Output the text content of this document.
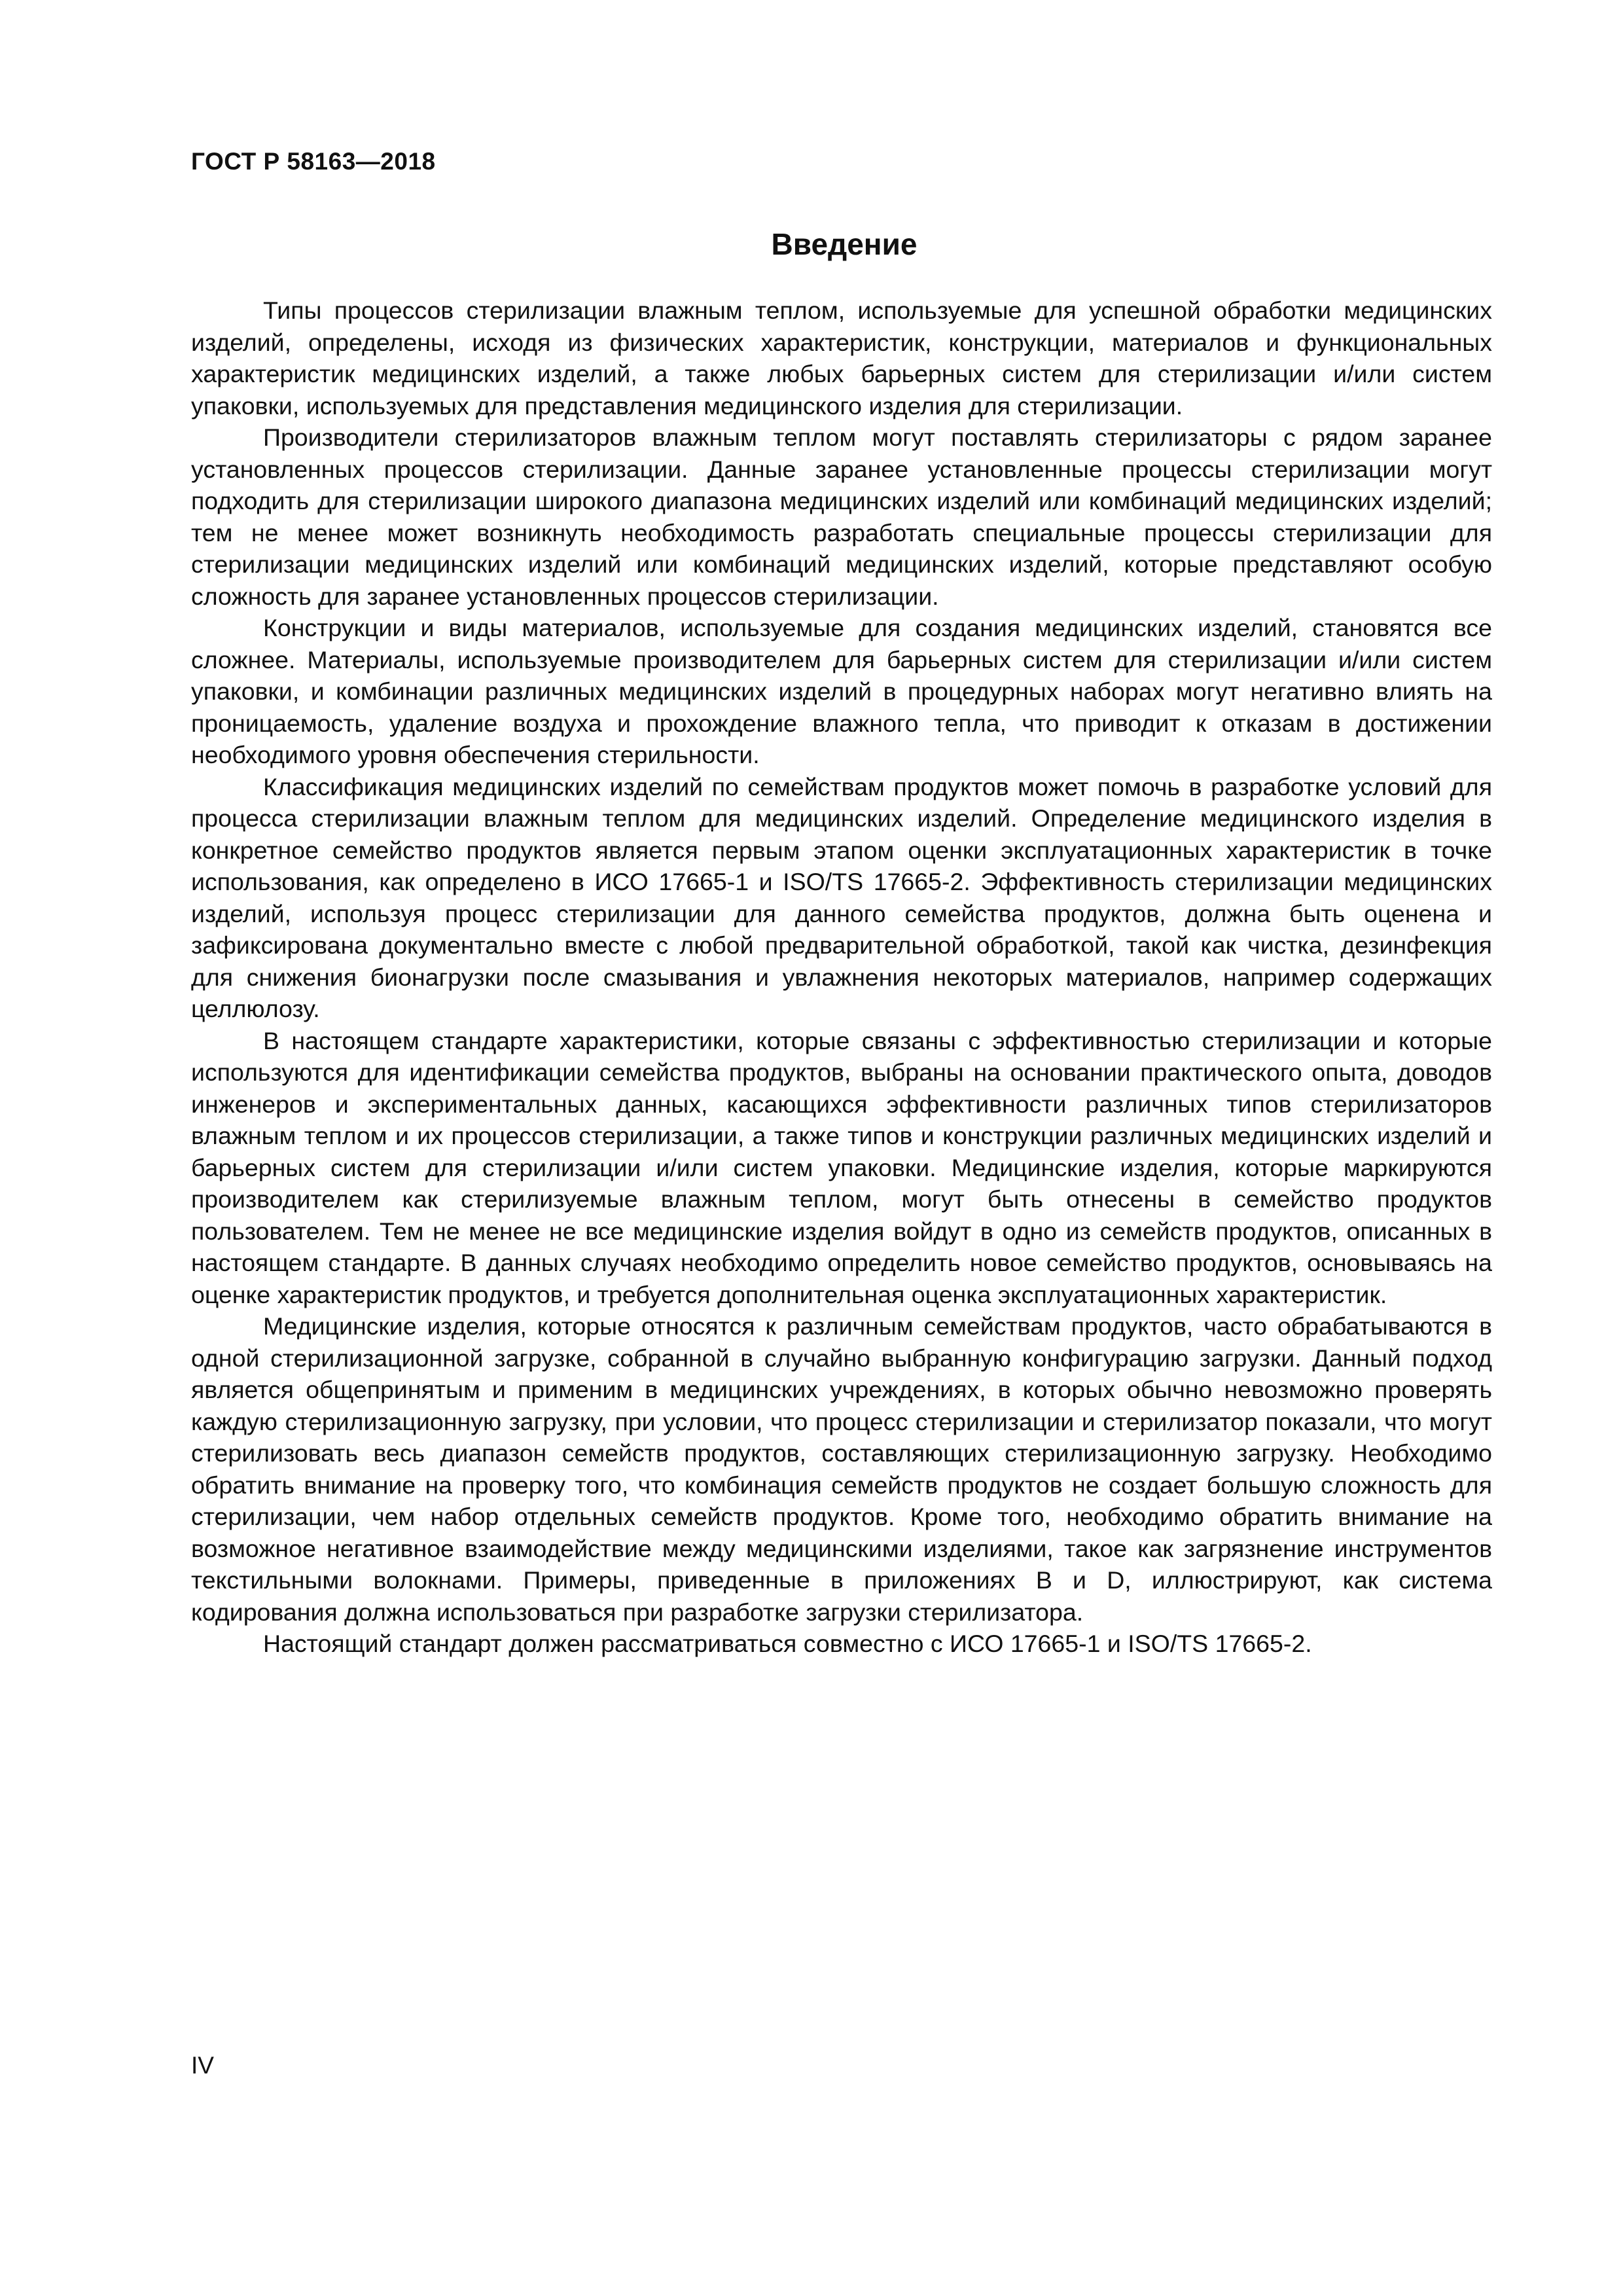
ГОСТ Р 58163—2018
Введение

Типы процессов стерилизации влажным теплом, используемые для успешной обработки медицинских изделий, определены, исходя из физических характеристик, конструкции, материалов и функциональных характеристик медицинских изделий, а также любых барьерных систем для стерилизации и/или систем упаковки, используемых для представления медицинского изделия для стерилизации.

Производители стерилизаторов влажным теплом могут поставлять стерилизаторы с рядом заранее установленных процессов стерилизации. Данные заранее установленные процессы стерилизации могут подходить для стерилизации широкого диапазона медицинских изделий или комбинаций медицинских изделий; тем не менее может возникнуть необходимость разработать специальные процессы стерилизации для стерилизации медицинских изделий или комбинаций медицинских изделий, которые представляют особую сложность для заранее установленных процессов стерилизации.

Конструкции и виды материалов, используемые для создания медицинских изделий, становятся все сложнее. Материалы, используемые производителем для барьерных систем для стерилизации и/или систем упаковки, и комбинации различных медицинских изделий в процедурных наборах могут негативно влиять на проницаемость, удаление воздуха и прохождение влажного тепла, что приводит к отказам в достижении необходимого уровня обеспечения стерильности.

Классификация медицинских изделий по семействам продуктов может помочь в разработке условий для процесса стерилизации влажным теплом для медицинских изделий. Определение медицинского изделия в конкретное семейство продуктов является первым этапом оценки эксплуатационных характеристик в точке использования, как определено в ИСО 17665-1 и ISO/TS 17665-2. Эффективность стерилизации медицинских изделий, используя процесс стерилизации для данного семейства продуктов, должна быть оценена и зафиксирована документально вместе с любой предварительной обработкой, такой как чистка, дезинфекция для снижения бионагрузки после смазывания и увлажнения некоторых материалов, например содержащих целлюлозу.

В настоящем стандарте характеристики, которые связаны с эффективностью стерилизации и которые используются для идентификации семейства продуктов, выбраны на основании практического опыта, доводов инженеров и экспериментальных данных, касающихся эффективности различных типов стерилизаторов влажным теплом и их процессов стерилизации, а также типов и конструкции различных медицинских изделий и барьерных систем для стерилизации и/или систем упаковки. Медицинские изделия, которые маркируются производителем как стерилизуемые влажным теплом, могут быть отнесены в семейство продуктов пользователем. Тем не менее не все медицинские изделия войдут в одно из семейств продуктов, описанных в настоящем стандарте. В данных случаях необходимо определить новое семейство продуктов, основываясь на оценке характеристик продуктов, и требуется дополнительная оценка эксплуатационных характеристик.

Медицинские изделия, которые относятся к различным семействам продуктов, часто обрабатываются в одной стерилизационной загрузке, собранной в случайно выбранную конфигурацию загрузки. Данный подход является общепринятым и применим в медицинских учреждениях, в которых обычно невозможно проверять каждую стерилизационную загрузку, при условии, что процесс стерилизации и стерилизатор показали, что могут стерилизовать весь диапазон семейств продуктов, составляющих стерилизационную загрузку. Необходимо обратить внимание на проверку того, что комбинация семейств продуктов не создает большую сложность для стерилизации, чем набор отдельных семейств продуктов. Кроме того, необходимо обратить внимание на возможное негативное взаимодействие между медицинскими изделиями, такое как загрязнение инструментов текстильными волокнами. Примеры, приведенные в приложениях В и D, иллюстрируют, как система кодирования должна использоваться при разработке загрузки стерилизатора.

Настоящий стандарт должен рассматриваться совместно с ИСО 17665-1 и ISO/TS 17665-2.

IV
